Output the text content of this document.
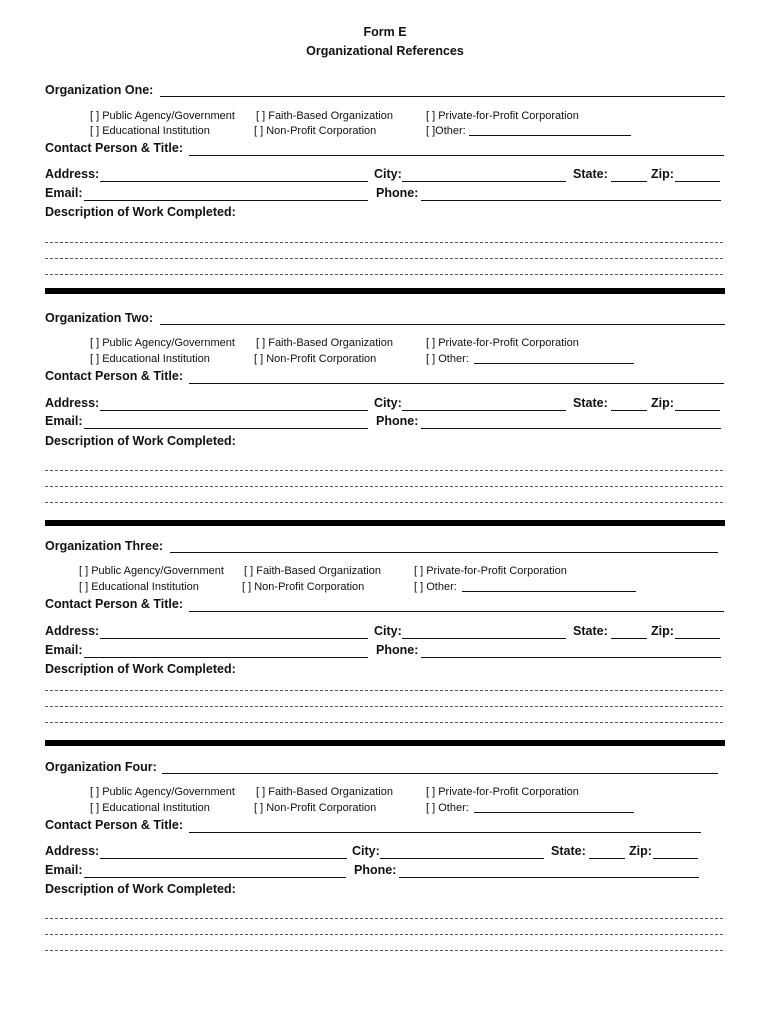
Form E
Organizational References
Organization One:
[ ] Public Agency/Government [ ] Faith-Based Organization	[ ] Private-for-Profit Corporation
[ ] Educational Institution	[ ] Non-Profit Corporation	[ ]Other:
Contact Person & Title:
Address:	City:	State:	Zip:
Email:	Phone:
Description of Work Completed:
Organization Two:
[ ] Public Agency/Government [ ] Faith-Based Organization	[ ] Private-for-Profit Corporation
[ ] Educational Institution	[ ] Non-Profit Corporation	[ ] Other:
Contact Person & Title:
Address:	City:	State:	Zip:
Email:	Phone:
Description of Work Completed:
Organization Three:
[ ] Public Agency/Government [ ] Faith-Based Organization	[ ] Private-for-Profit Corporation
[ ] Educational Institution	[ ] Non-Profit Corporation	[ ] Other:
Contact Person & Title:
Address:	City:	State:	Zip:
Email:	Phone:
Description of Work Completed:
Organization Four:
[ ] Public Agency/Government [ ] Faith-Based Organization	[ ] Private-for-Profit Corporation
[ ] Educational Institution	[ ] Non-Profit Corporation	[ ] Other:
Contact Person & Title:
Address:	City:	State:	Zip:
Email:	Phone:
Description of Work Completed:
